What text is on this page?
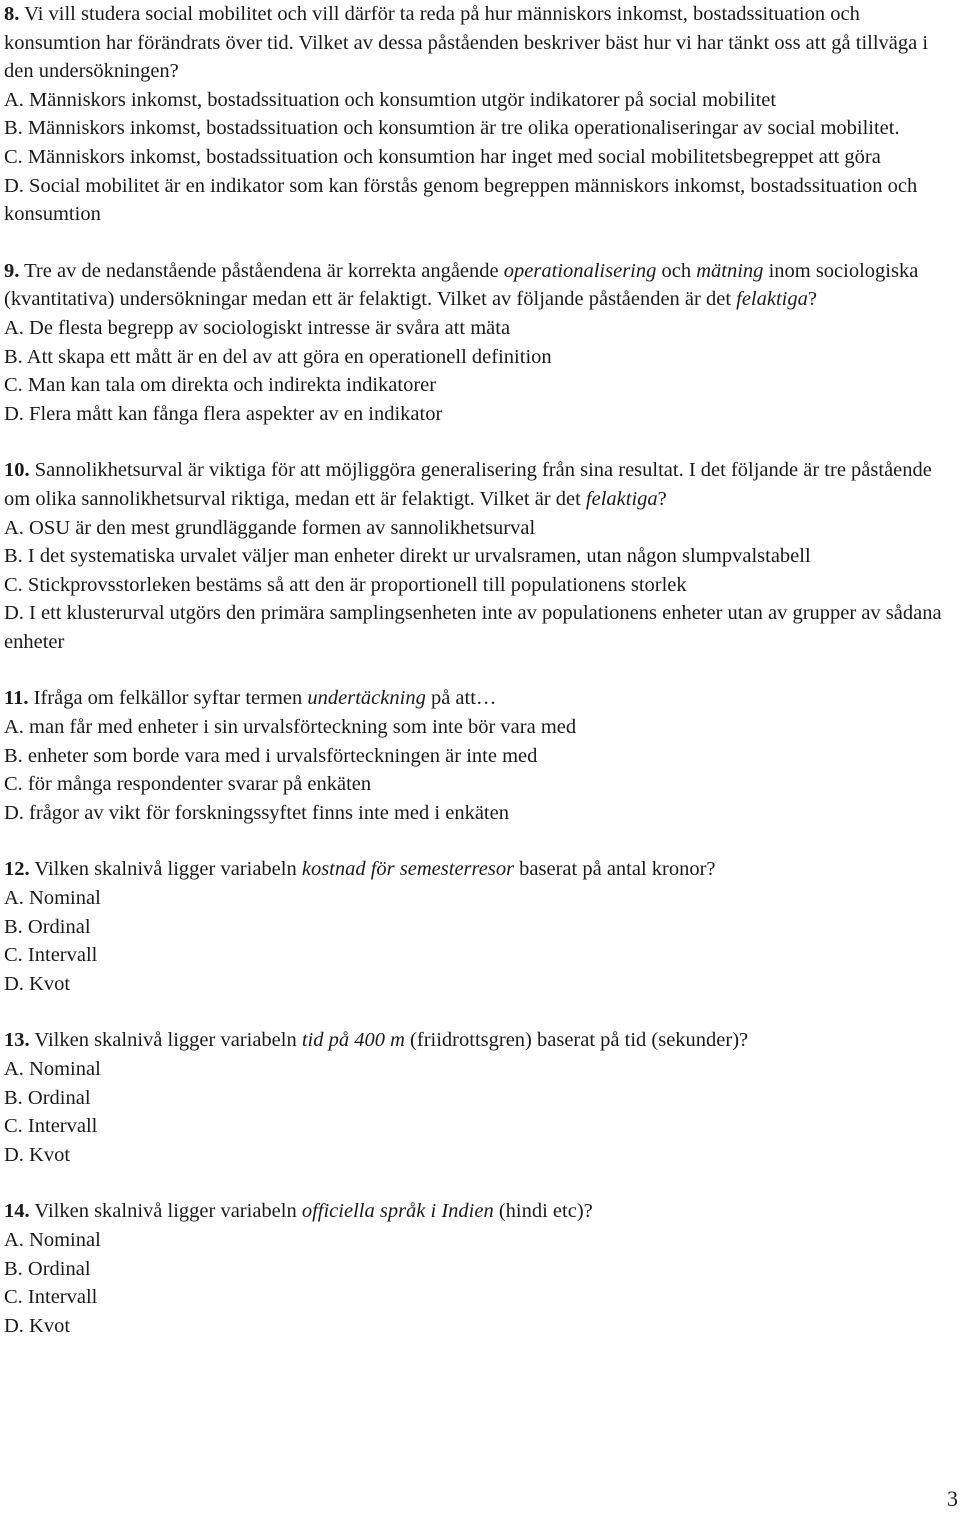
8. Vi vill studera social mobilitet och vill därför ta reda på hur människors inkomst, bostadssituation och konsumtion har förändrats över tid. Vilket av dessa påståenden beskriver bäst hur vi har tänkt oss att gå tillväga i den undersökningen?
A. Människors inkomst, bostadssituation och konsumtion utgör indikatorer på social mobilitet
B. Människors inkomst, bostadssituation och konsumtion är tre olika operationaliseringar av social mobilitet.
C. Människors inkomst, bostadssituation och konsumtion har inget med social mobilitetsbegreppet att göra
D. Social mobilitet är en indikator som kan förstås genom begreppen människors inkomst, bostadssituation och konsumtion
9. Tre av de nedanstående påståendena är korrekta angående operationalisering och mätning inom sociologiska (kvantitativa) undersökningar medan ett är felaktigt. Vilket av följande påståenden är det felaktiga?
A. De flesta begrepp av sociologiskt intresse är svåra att mäta
B. Att skapa ett mått är en del av att göra en operationell definition
C. Man kan tala om direkta och indirekta indikatorer
D. Flera mått kan fånga flera aspekter av en indikator
10. Sannolikhetsurval är viktiga för att möjliggöra generalisering från sina resultat. I det följande är tre påstående om olika sannolikhetsurval riktiga, medan ett är felaktigt. Vilket är det felaktiga?
A. OSU är den mest grundläggande formen av sannolikhetsurval
B. I det systematiska urvalet väljer man enheter direkt ur urvalsramen, utan någon slumpvalstabell
C. Stickprovsstorleken bestäms så att den är proportionell till populationens storlek
D. I ett klusterurval utgörs den primära samplingsenheten inte av populationens enheter utan av grupper av sådana enheter
11. Ifråga om felkällor syftar termen undertäckning på att…
A. man får med enheter i sin urvalsförteckning som inte bör vara med
B. enheter som borde vara med i urvalsförteckningen är inte med
C. för många respondenter svarar på enkäten
D. frågor av vikt för forskningssyftet finns inte med i enkäten
12. Vilken skalnivå ligger variabeln kostnad för semesterresor baserat på antal kronor?
A. Nominal
B. Ordinal
C. Intervall
D. Kvot
13. Vilken skalnivå ligger variabeln tid på 400 m (friidrottsgren) baserat på tid (sekunder)?
A. Nominal
B. Ordinal
C. Intervall
D. Kvot
14. Vilken skalnivå ligger variabeln officiella språk i Indien (hindi etc)?
A. Nominal
B. Ordinal
C. Intervall
D. Kvot
3
